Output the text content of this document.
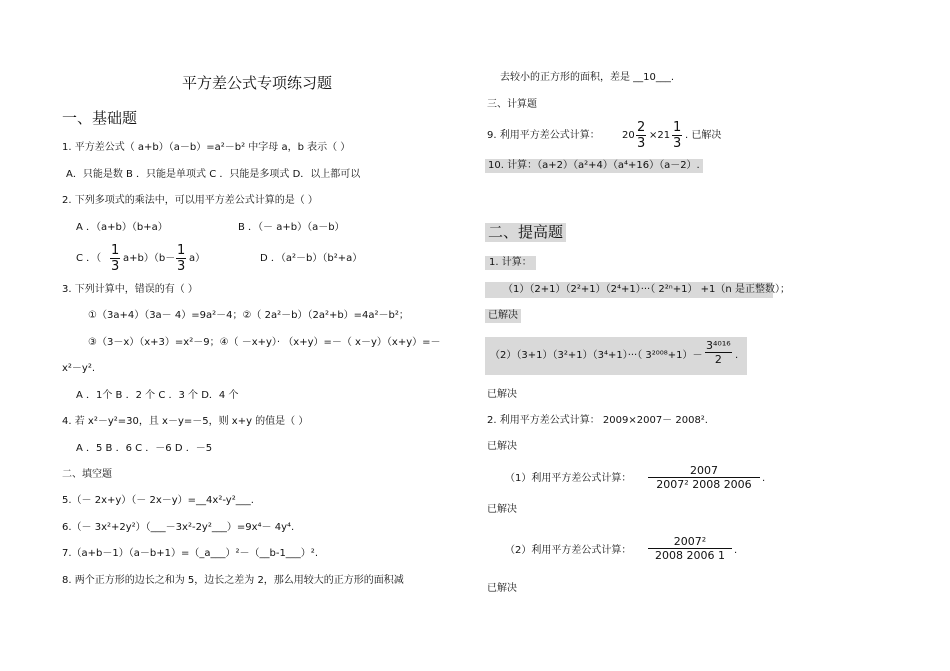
平方差公式专项练习题
一、基础题
1. 平方差公式（ a+b）（a－b）=a²－b² 中字母 a，b 表示（ ）
A．只能是数 B ．只能是单项式 C ．只能是多项式 D．以上都可以
2. 下列多项式的乘法中，可以用平方差公式计算的是（ ）
A ．（a+b）（b+a）	B ．（－ a+b）（a－b）
C ．（
1
3
a+b）（b－
1
3
a）	D ．（a²－b）（b²+a）
3. 下列计算中，错误的有（ ）
①（3a+4）（3a－ 4）=9a²－4；②（ 2a²－b）（2a²+b）=4a²－b²；
③（3－x）（x+3）=x²－9；④（ －x+y）· （x+y）=－（ x－y）（x+y）=－
x²－y².
A ．1个 B ．2 个 C ．3 个 D．4 个
4. 若 x²－y²=30，且 x－y=－5，则 x+y 的值是（ ）
A ．5 B ．6 C ．－6 D ．－5
二、填空题
5.（－ 2x+y）（－ 2x－y）=__4x²-y²___.
6.（－ 3x²+2y²）（___－3x²-2y²___）=9x⁴－ 4y⁴.
7.（a+b－1）（a－b+1）=（_a___）²－（__b-1___）².
8. 两个正方形的边长之和为 5，边长之差为 2，那么用较大的正方形的面积减
去较小的正方形的面积，差是 __10___.
三、计算题
9. 利用平方差公式计算： 20
2
3
×21
1
3
. 已解决
10. 计算：（a+2）（a²+4）（a⁴+16）（a－2）.
二、提高题
1. 计算：
（1）（2+1）（2²+1）（2⁴+1）···（ 2²ⁿ+1） +1（n 是正整数）；
已解决
（2）（3+1）（3²+1）（3⁴+1）···（ 3²⁰⁰⁸+1）－
3⁴⁰¹⁶
2	.
已解决
2. 利用平方差公式计算： 2009×2007－ 2008².
已解决
（1）利用平方差公式计算：
2007
2007² 2008 2006	.
已解决
（2）利用平方差公式计算：
2007²
2008 2006 1 .
已解决
